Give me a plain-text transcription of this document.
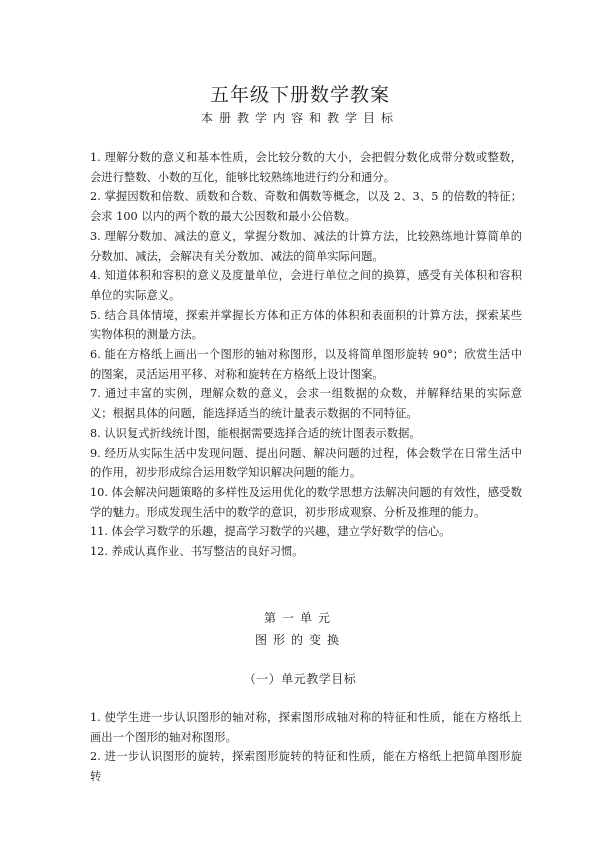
五年级下册数学教案
本册教学内容和教学目标
1. 理解分数的意义和基本性质，会比较分数的大小，会把假分数化成带分数或整数，会进行整数、小数的互化，能够比较熟练地进行约分和通分。
2. 掌握因数和倍数、质数和合数、奇数和偶数等概念，以及 2、3、5 的倍数的特征；会求 100 以内的两个数的最大公因数和最小公倍数。
3. 理解分数加、减法的意义，掌握分数加、减法的计算方法，比较熟练地计算简单的分数加、减法，会解决有关分数加、减法的简单实际问题。
4. 知道体积和容积的意义及度量单位，会进行单位之间的换算，感受有关体积和容积单位的实际意义。
5. 结合具体情境，探索并掌握长方体和正方体的体积和表面积的计算方法，探索某些实物体积的测量方法。
6. 能在方格纸上画出一个图形的轴对称图形，以及将简单图形旋转 90°；欣赏生活中的图案，灵活运用平移、对称和旋转在方格纸上设计图案。
7. 通过丰富的实例，理解众数的意义，会求一组数据的众数，并解释结果的实际意义；根据具体的问题，能选择适当的统计量表示数据的不同特征。
8. 认识复式折线统计图，能根据需要选择合适的统计图表示数据。
9. 经历从实际生活中发现问题、提出问题、解决问题的过程，体会数学在日常生活中的作用，初步形成综合运用数学知识解决问题的能力。
10. 体会解决问题策略的多样性及运用优化的数学思想方法解决问题的有效性，感受数学的魅力。形成发现生活中的数学的意识，初步形成观察、分析及推理的能力。
11. 体会学习数学的乐趣，提高学习数学的兴趣，建立学好数学的信心。
12. 养成认真作业、书写整洁的良好习惯。
第一单元
图形的变换
（一）单元教学目标
1. 使学生进一步认识图形的轴对称，探索图形成轴对称的特征和性质，能在方格纸上画出一个图形的轴对称图形。
2. 进一步认识图形的旋转，探索图形旋转的特征和性质，能在方格纸上把简单图形旋转
